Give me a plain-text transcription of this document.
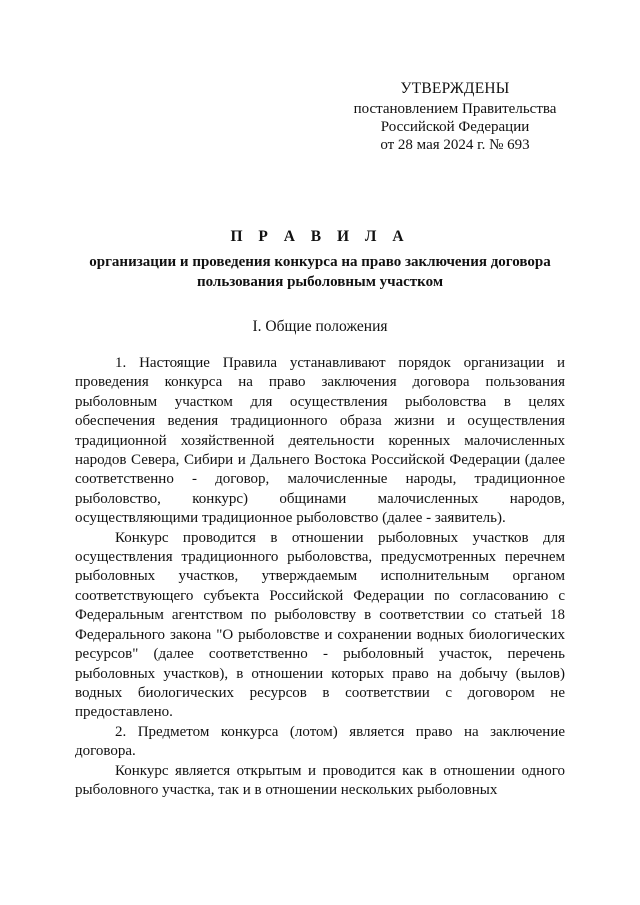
УТВЕРЖДЕНЫ
постановлением Правительства
Российской Федерации
от 28 мая 2024 г. № 693
П Р А В И Л А
организации и проведения конкурса на право заключения договора пользования рыболовным участком
I. Общие положения

1. Настоящие Правила устанавливают порядок организации и проведения конкурса на право заключения договора пользования рыболовным участком для осуществления рыболовства в целях обеспечения ведения традиционного образа жизни и осуществления традиционной хозяйственной деятельности коренных малочисленных народов Севера, Сибири и Дальнего Востока Российской Федерации (далее соответственно - договор, малочисленные народы, традиционное рыболовство, конкурс) общинами малочисленных народов, осуществляющими традиционное рыболовство (далее - заявитель).

Конкурс проводится в отношении рыболовных участков для осуществления традиционного рыболовства, предусмотренных перечнем рыболовных участков, утверждаемым исполнительным органом соответствующего субъекта Российской Федерации по согласованию с Федеральным агентством по рыболовству в соответствии со статьей 18 Федерального закона "О рыболовстве и сохранении водных биологических ресурсов" (далее соответственно - рыболовный участок, перечень рыболовных участков), в отношении которых право на добычу (вылов) водных биологических ресурсов в соответствии с договором не предоставлено.

2. Предметом конкурса (лотом) является право на заключение договора.

Конкурс является открытым и проводится как в отношении одного рыболовного участка, так и в отношении нескольких рыболовных
